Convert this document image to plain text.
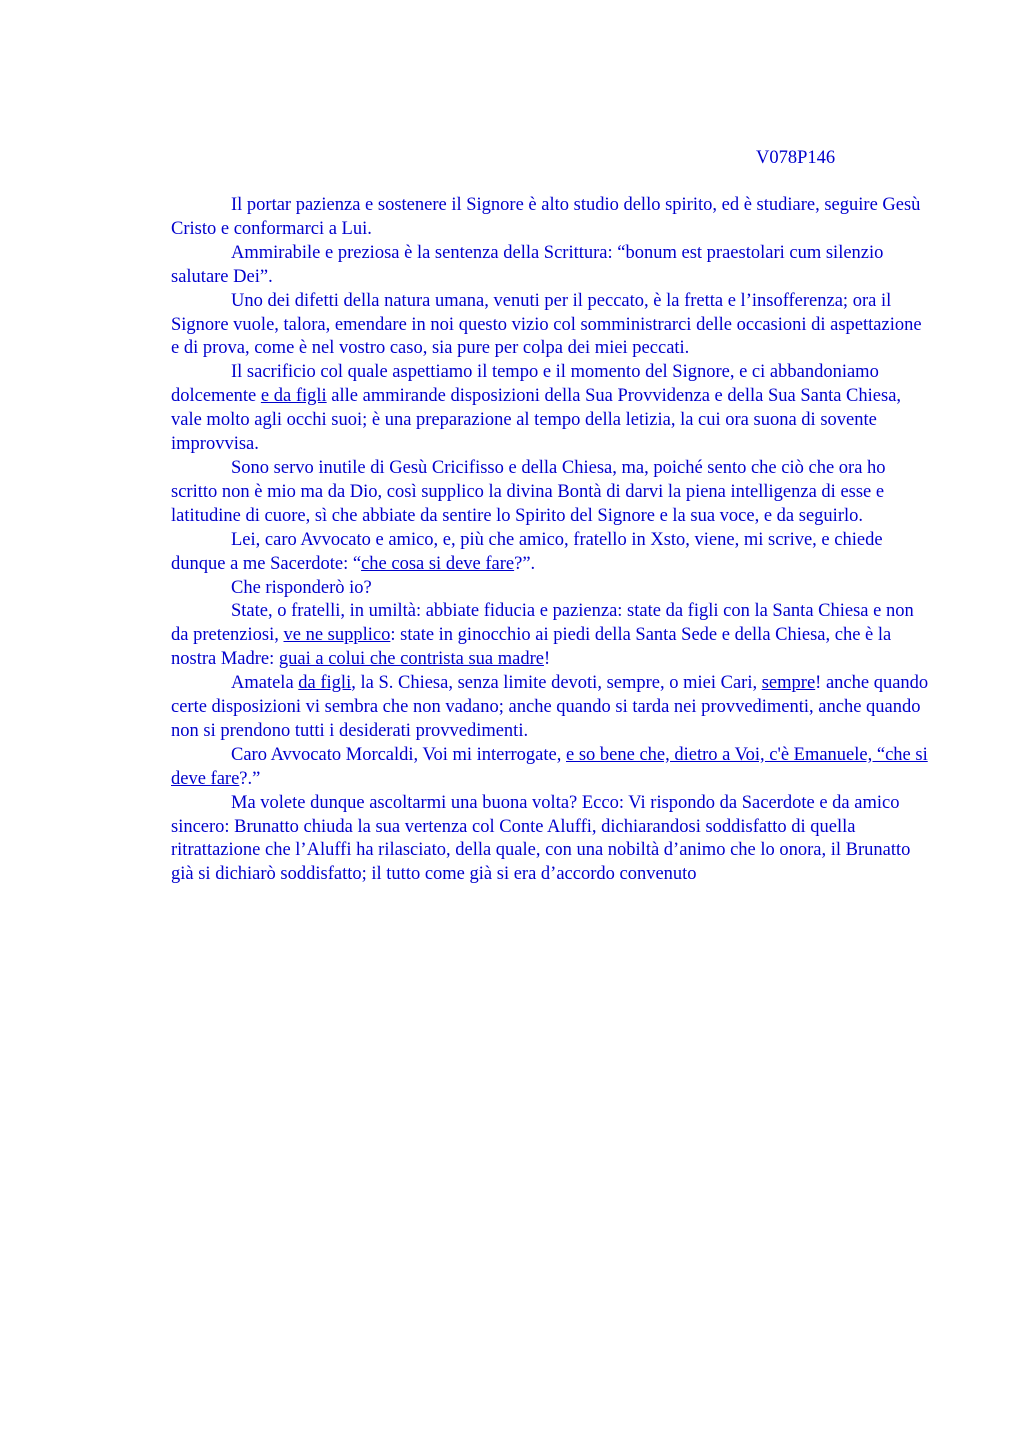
V078P146

Il portar pazienza e sostenere il Signore è alto studio dello spirito, ed è studiare, seguire Gesù Cristo e conformarci a Lui.

Ammirabile e preziosa è la sentenza della Scrittura: “bonum est praestolari cum silenzio salutare Dei”.

Uno dei difetti della natura umana, venuti per il peccato, è la fretta e l’insofferenza; ora il Signore vuole, talora, emendare in noi questo vizio col somministrarci delle occasioni di aspettazione e di prova, come è nel vostro caso, sia pure per colpa dei miei peccati.

Il sacrificio col quale aspettiamo il tempo e il momento del Signore, e ci abbandoniamo dolcemente e da figli alle ammirande disposizioni della Sua Provvidenza e della Sua Santa Chiesa, vale molto agli occhi suoi; è una preparazione al tempo della letizia, la cui ora suona di sovente improvvisa.

Sono servo inutile di Gesù Cricifisso e della Chiesa, ma, poiché sento che ciò che ora ho scritto non è mio ma da Dio, così supplico la divina Bontà di darvi la piena intelligenza di esse e latitudine di cuore, sì che abbiate da sentire lo Spirito del Signore e la sua voce, e da seguirlo.

Lei, caro Avvocato e amico, e, più che amico, fratello in Xsto, viene, mi scrive, e chiede dunque a me Sacerdote: “che cosa si deve fare?”.

Che risponderò io?

State, o fratelli, in umiltà: abbiate fiducia e pazienza: state da figli con la Santa Chiesa e non da pretenziosi, ve ne supplico: state in ginocchio ai piedi della Santa Sede e della Chiesa, che è la nostra Madre: guai a colui che contrista sua madre!

Amatela da figli, la S. Chiesa, senza limite devoti, sempre, o miei Cari, sempre! anche quando certe disposizioni vi sembra che non vadano; anche quando si tarda nei provvedimenti, anche quando non si prendono tutti i desiderati provvedimenti.

Caro Avvocato Morcaldi, Voi mi interrogate, e so bene che, dietro a Voi, c'è Emanuele, “che si deve fare?.”

Ma volete dunque ascoltarmi una buona volta? Ecco: Vi rispondo da Sacerdote e da amico sincero: Brunatto chiuda la sua vertenza col Conte Aluffi, dichiarandosi soddisfatto di quella ritrattazione che l’Aluffi ha rilasciato, della quale, con una nobiltà d’animo che lo onora, il Brunatto già si dichiarò soddisfatto; il tutto come già si era d’accordo convenuto
